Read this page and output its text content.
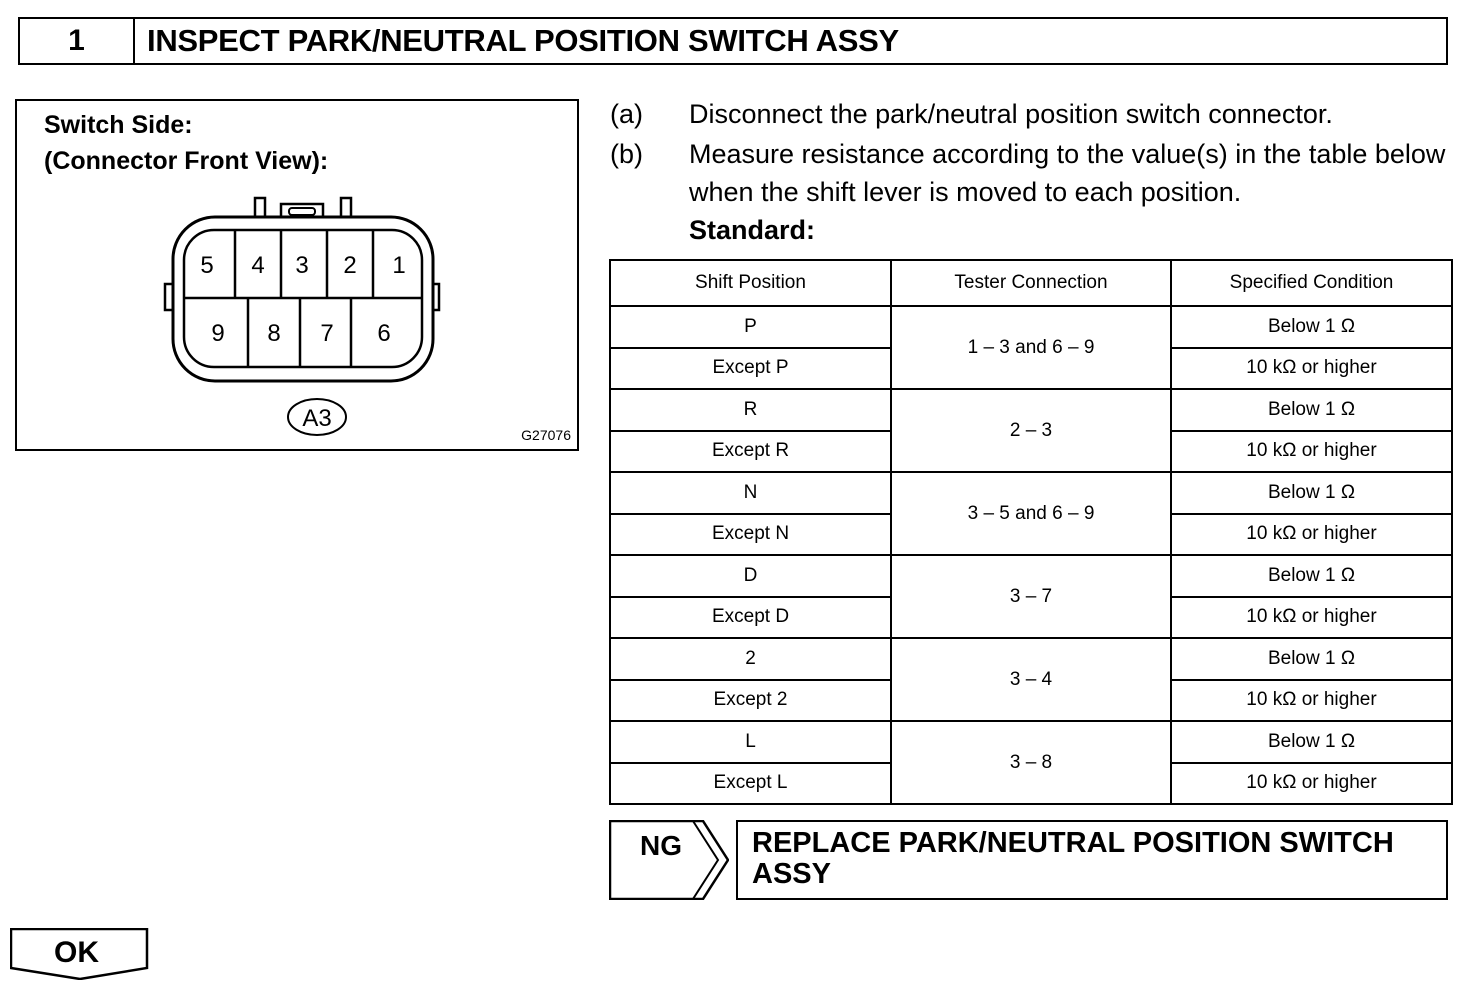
1	INSPECT PARK/NEUTRAL POSITION SWITCH ASSY
Switch Side:
(Connector Front View):
5 4 3 2 1
9 8 7 6
A3
G27076
(a) Disconnect the park/neutral position switch connector.
(b) Measure resistance according to the value(s) in the table below when the shift lever is moved to each position.
Standard:
Shift Position	Tester Connection	Specified Condition
P	1 – 3 and 6 – 9	Below 1 Ω
Except P		10 kΩ or higher
R	2 – 3	Below 1 Ω
Except R		10 kΩ or higher
N	3 – 5 and 6 – 9	Below 1 Ω
Except N		10 kΩ or higher
D	3 – 7	Below 1 Ω
Except D		10 kΩ or higher
2	3 – 4	Below 1 Ω
Except 2		10 kΩ or higher
L	3 – 8	Below 1 Ω
Except L		10 kΩ or higher
NG	REPLACE PARK/NEUTRAL POSITION SWITCH ASSY
OK
